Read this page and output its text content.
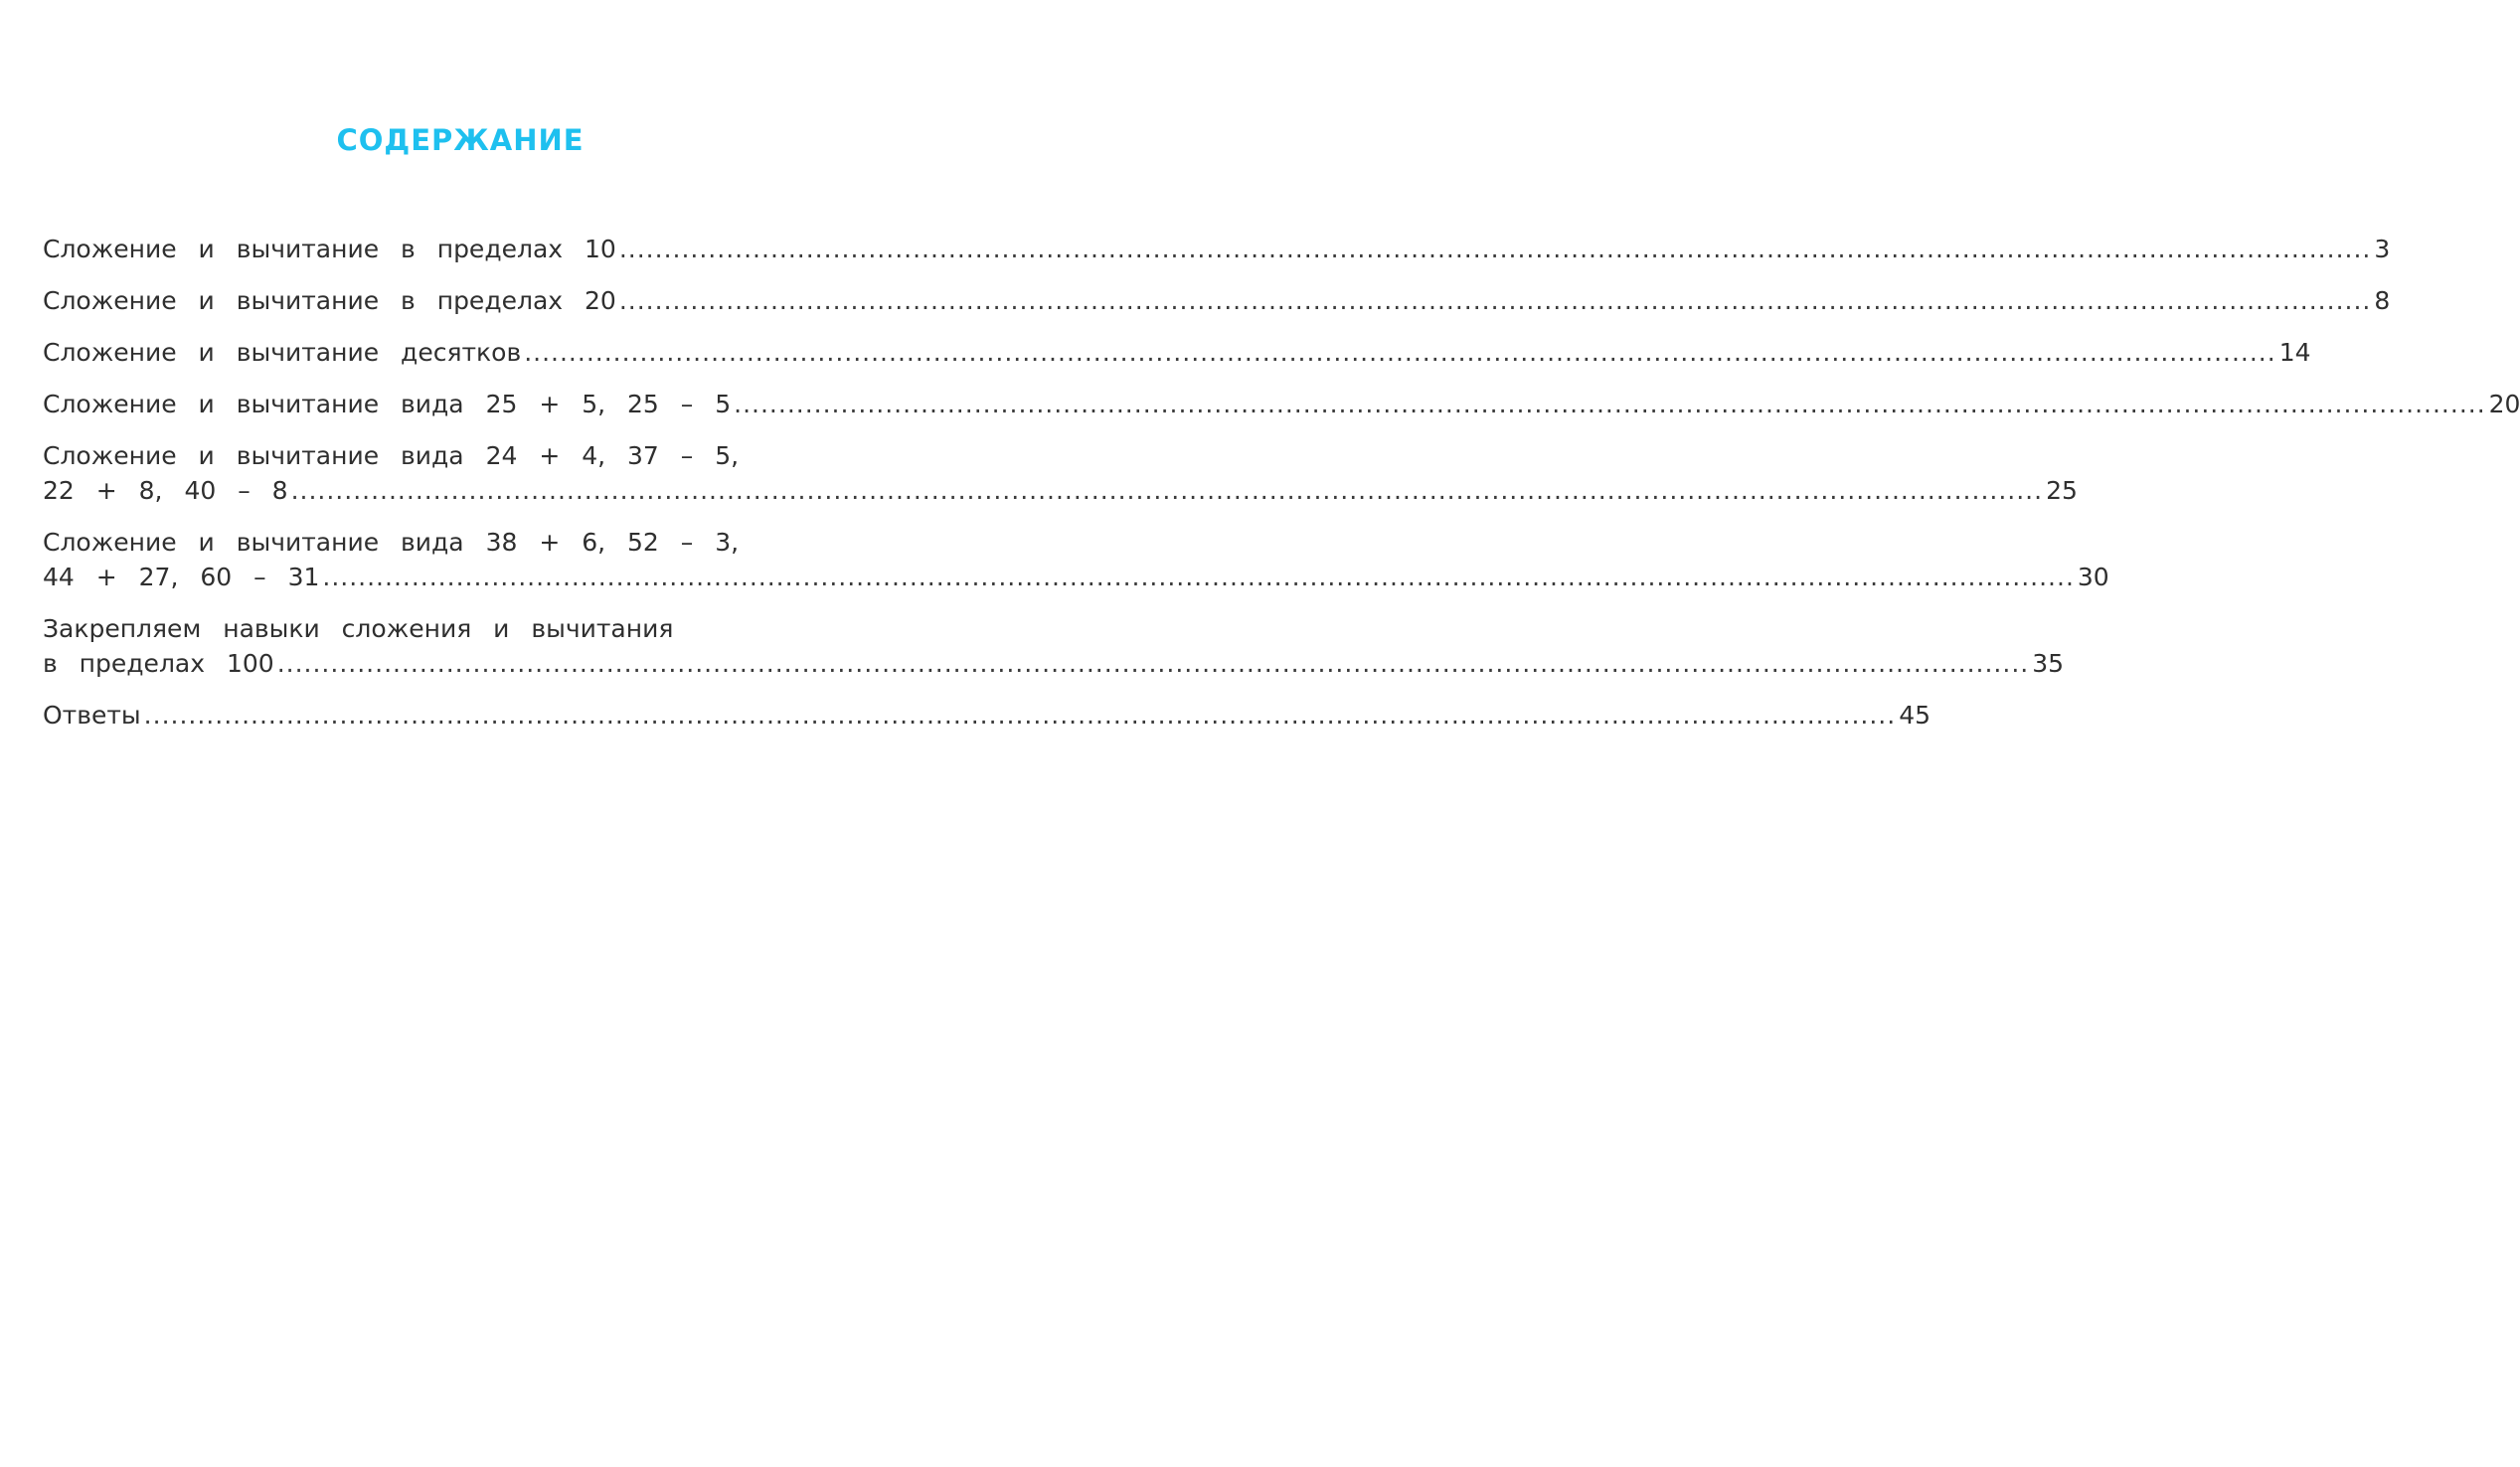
СОДЕРЖАНИЕ
Сложение и вычитание в пределах 10 ..................................................................................................................................................................................................... 3
Сложение и вычитание в пределах 20 ..................................................................................................................................................................................................... 8
Сложение и вычитание десятков ..................................................................................................................................................................................................... 14
Сложение и вычитание вида 25 + 5, 25 – 5 ..................................................................................................................................................................................................... 20
Сложение и вычитание вида 24 + 4, 37 – 5,
22 + 8, 40 – 8 ..................................................................................................................................................................................................... 25
Сложение и вычитание вида 38 + 6, 52 – 3,
44 + 27, 60 – 31 ..................................................................................................................................................................................................... 30
Закрепляем навыки сложения и вычитания
в пределах 100 ..................................................................................................................................................................................................... 35
Ответы ..................................................................................................................................................................................................... 45
